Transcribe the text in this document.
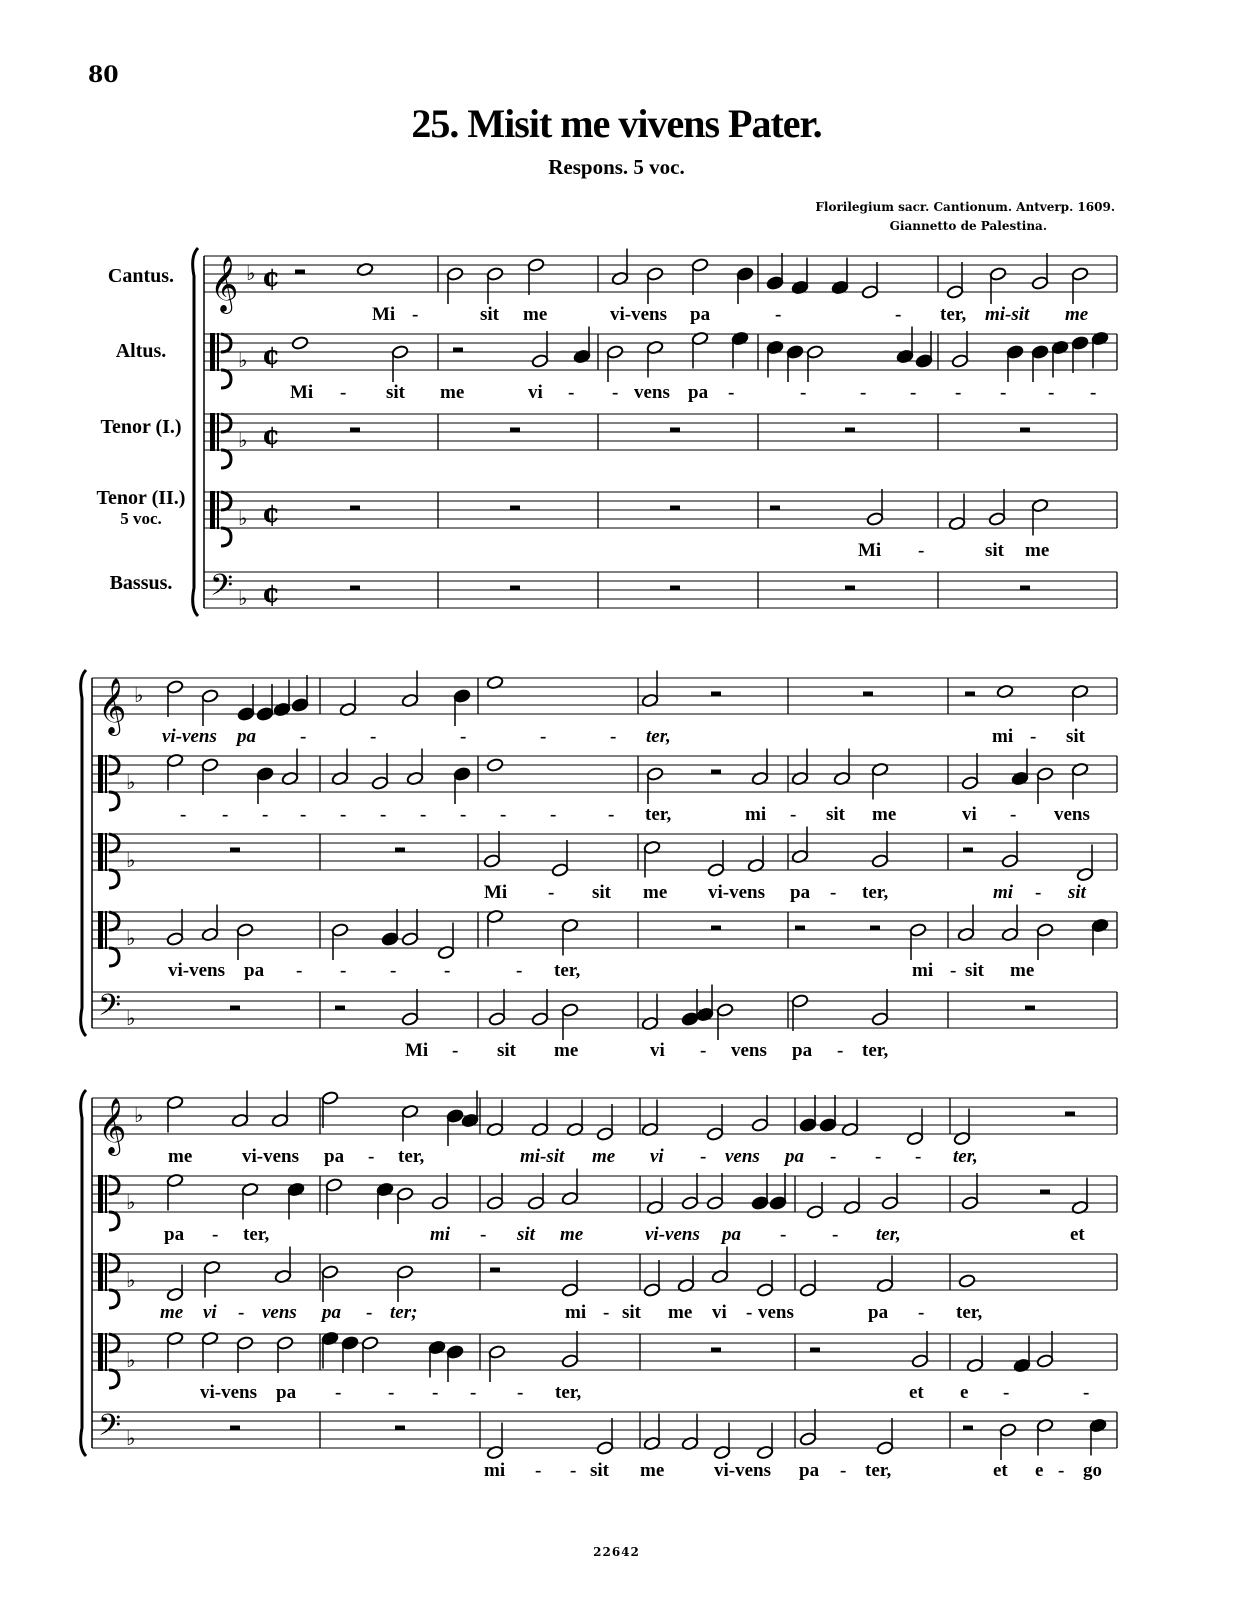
80
25. Misit me vivens Pater.
Respons. 5 voc.
Florilegium sacr. Cantionum. Antverp. 1609.
Giannetto de Palestina.
Cantus.
Altus.
Tenor (I.)
Tenor (II.)
5 voc.
Bassus.
𝄞 ♭ ¢
♭ ¢
♭ ¢
♭ ¢
𝄢 ♭ ¢
𝄞 ♭
♭
♭
♭
𝄢 ♭
𝄞 ♭
♭
♭
♭
𝄢 ♭
Mi -	sit me	vi-vens pa	-	- ter, mi-sit me
Mi - sit me	vi - - vens pa -	-	- - - - - -
Mi -	sit me
vi-vens pa -	-	-	-	- ter,	mi - sit
- - - - - - - - - -	- ter,	mi - sit me	vi - vens
Mi - sit me vi-vens pa - ter,	mi - sit
vi-vens pa - - -	-	- ter,	mi - sit me
Mi - sit me	vi - vens pa - ter,
me	vi-vens pa - ter,	mi-sit me vi - vens pa - - - ter,
pa - ter,	mi - sit me	vi-vens pa - - ter,	et
me vi - vens pa - ter;	mi - sit me vi - vens	pa - ter,
vi-vens pa - - - - - ter,	et e -	-
mi - - sit me	vi-vens pa - ter,	et e - go
22642
